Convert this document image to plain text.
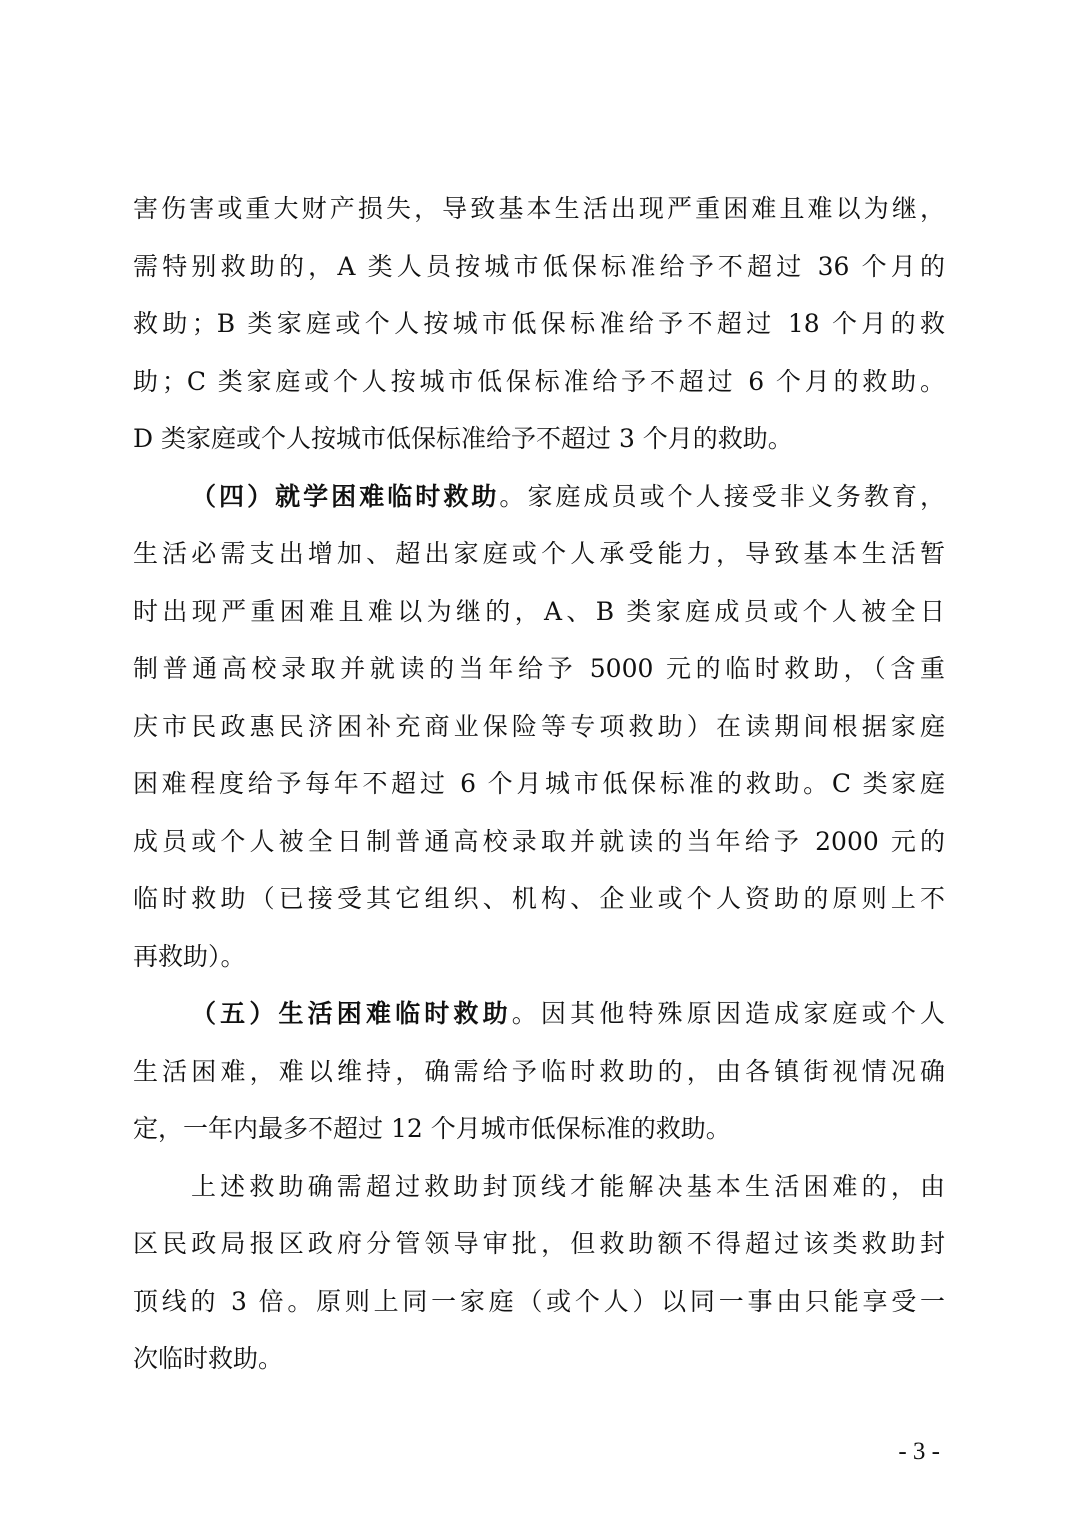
害伤害或重大财产损失，导致基本生活出现严重困难且难以为继，
需特别救助的，A 类人员按城市低保标准给予不超过 36 个月的
救助；B 类家庭或个人按城市低保标准给予不超过 18 个月的救
助；C 类家庭或个人按城市低保标准给予不超过 6 个月的救助。
D 类家庭或个人按城市低保标准给予不超过 3 个月的救助。
（四）就学困难临时救助。家庭成员或个人接受非义务教育，
生活必需支出增加、超出家庭或个人承受能力，导致基本生活暂
时出现严重困难且难以为继的，A、B 类家庭成员或个人被全日
制普通高校录取并就读的当年给予 5000 元的临时救助，（含重
庆市民政惠民济困补充商业保险等专项救助）在读期间根据家庭
困难程度给予每年不超过 6 个月城市低保标准的救助。C 类家庭
成员或个人被全日制普通高校录取并就读的当年给予 2000 元的
临时救助（已接受其它组织、机构、企业或个人资助的原则上不
再救助）。
（五）生活困难临时救助。因其他特殊原因造成家庭或个人
生活困难，难以维持，确需给予临时救助的，由各镇街视情况确
定，一年内最多不超过 12 个月城市低保标准的救助。
上述救助确需超过救助封顶线才能解决基本生活困难的，由
区民政局报区政府分管领导审批，但救助额不得超过该类救助封
顶线的 3 倍。原则上同一家庭（或个人）以同一事由只能享受一
次临时救助。
- 3 -
